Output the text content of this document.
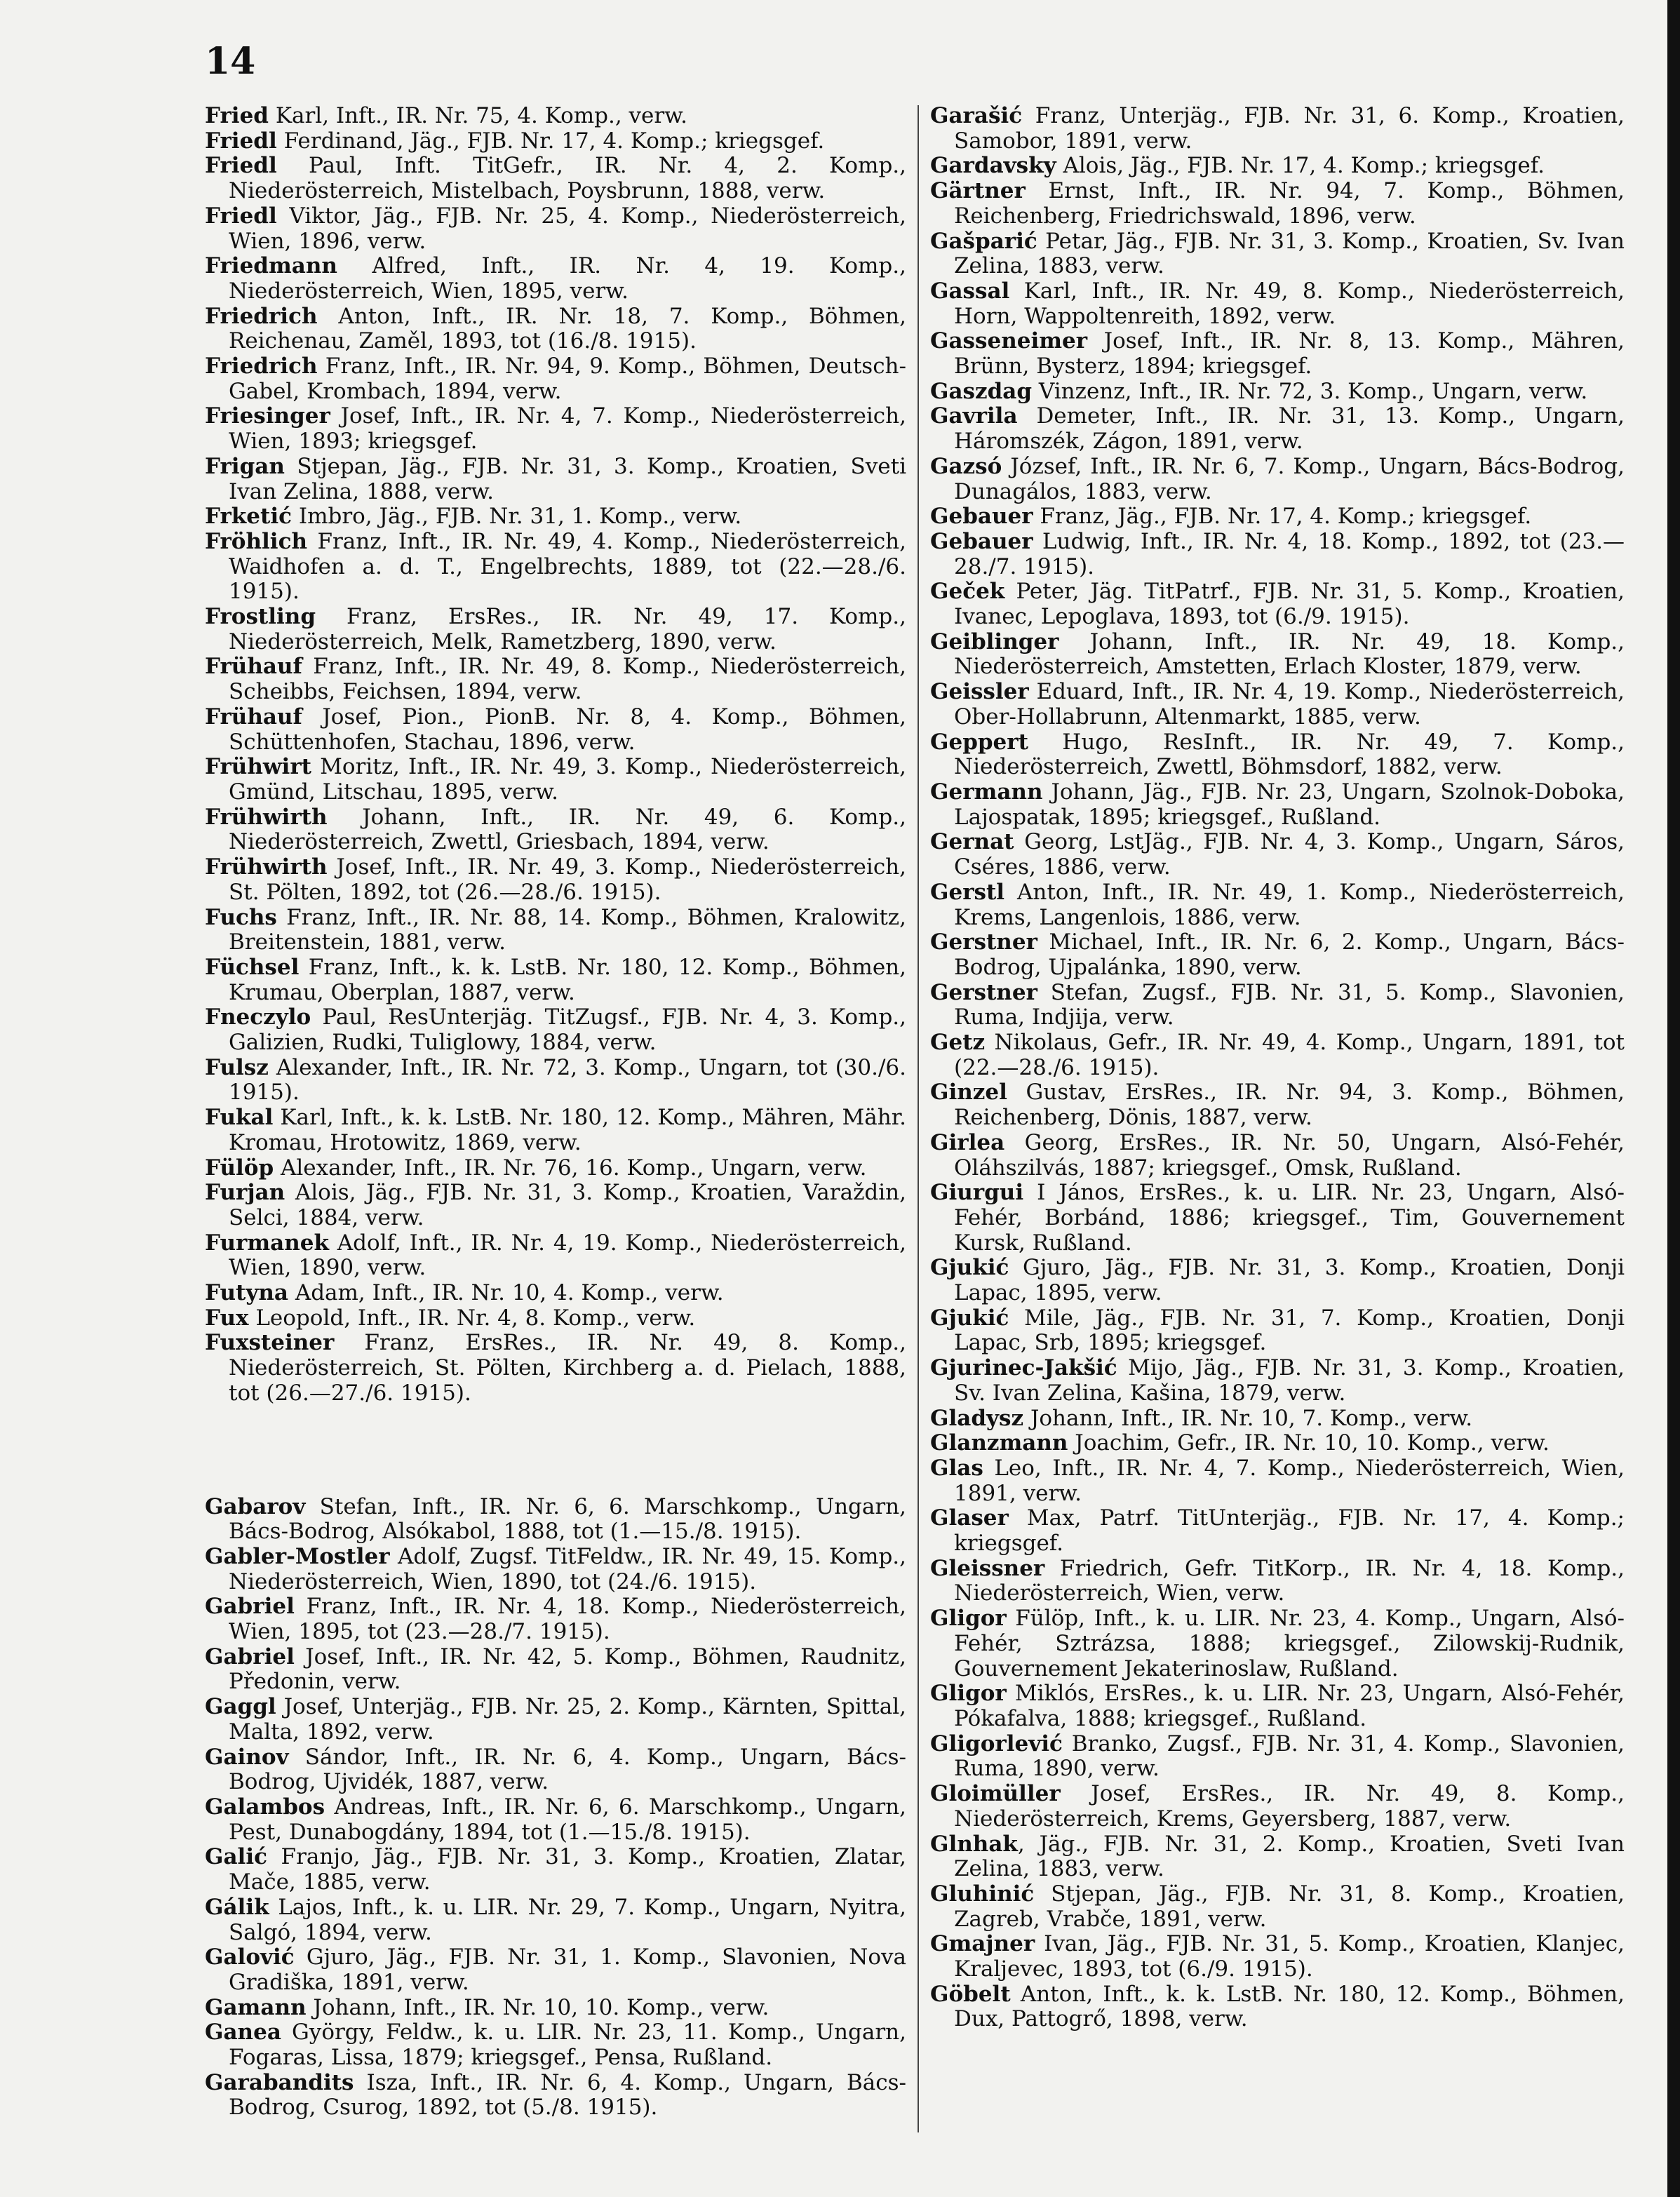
14

Fried Karl, Inft., IR. Nr. 75, 4. Komp., verw.

Friedl Ferdinand, Jäg., FJB. Nr. 17, 4. Komp.; kriegsgef.

Friedl Paul, Inft. TitGefr., IR. Nr. 4, 2. Komp., Niederösterreich, Mistelbach, Poysbrunn, 1888, verw.

Friedl Viktor, Jäg., FJB. Nr. 25, 4. Komp., Niederösterreich, Wien, 1896, verw.

Friedmann Alfred, Inft., IR. Nr. 4, 19. Komp., Niederösterreich, Wien, 1895, verw.

Friedrich Anton, Inft., IR. Nr. 18, 7. Komp., Böhmen, Reichenau, Zaměl, 1893, tot (16./8. 1915).

Friedrich Franz, Inft., IR. Nr. 94, 9. Komp., Böhmen, Deutsch-Gabel, Krombach, 1894, verw.

Friesinger Josef, Inft., IR. Nr. 4, 7. Komp., Niederösterreich, Wien, 1893; kriegsgef.

Frigan Stjepan, Jäg., FJB. Nr. 31, 3. Komp., Kroatien, Sveti Ivan Zelina, 1888, verw.

Frketić Imbro, Jäg., FJB. Nr. 31, 1. Komp., verw.

Fröhlich Franz, Inft., IR. Nr. 49, 4. Komp., Niederösterreich, Waidhofen a. d. T., Engelbrechts, 1889, tot (22.—28./6. 1915).

Frostling Franz, ErsRes., IR. Nr. 49, 17. Komp., Niederösterreich, Melk, Rametzberg, 1890, verw.

Frühauf Franz, Inft., IR. Nr. 49, 8. Komp., Niederösterreich, Scheibbs, Feichsen, 1894, verw.

Frühauf Josef, Pion., PionB. Nr. 8, 4. Komp., Böhmen, Schüttenhofen, Stachau, 1896, verw.

Frühwirt Moritz, Inft., IR. Nr. 49, 3. Komp., Niederösterreich, Gmünd, Litschau, 1895, verw.

Frühwirth Johann, Inft., IR. Nr. 49, 6. Komp., Niederösterreich, Zwettl, Griesbach, 1894, verw.

Frühwirth Josef, Inft., IR. Nr. 49, 3. Komp., Niederösterreich, St. Pölten, 1892, tot (26.—28./6. 1915).

Fuchs Franz, Inft., IR. Nr. 88, 14. Komp., Böhmen, Kralowitz, Breitenstein, 1881, verw.

Füchsel Franz, Inft., k. k. LstB. Nr. 180, 12. Komp., Böhmen, Krumau, Oberplan, 1887, verw.

Fneczylo Paul, ResUnterjäg. TitZugsf., FJB. Nr. 4, 3. Komp., Galizien, Rudki, Tuliglowy, 1884, verw.

Fulsz Alexander, Inft., IR. Nr. 72, 3. Komp., Ungarn, tot (30./6. 1915).

Fukal Karl, Inft., k. k. LstB. Nr. 180, 12. Komp., Mähren, Mähr. Kromau, Hrotowitz, 1869, verw.

Fülöp Alexander, Inft., IR. Nr. 76, 16. Komp., Ungarn, verw.

Furjan Alois, Jäg., FJB. Nr. 31, 3. Komp., Kroatien, Varaždin, Selci, 1884, verw.

Furmanek Adolf, Inft., IR. Nr. 4, 19. Komp., Niederösterreich, Wien, 1890, verw.

Futyna Adam, Inft., IR. Nr. 10, 4. Komp., verw.

Fux Leopold, Inft., IR. Nr. 4, 8. Komp., verw.

Fuxsteiner Franz, ErsRes., IR. Nr. 49, 8. Komp., Niederösterreich, St. Pölten, Kirchberg a. d. Pielach, 1888, tot (26.—27./6. 1915).

Gabarov Stefan, Inft., IR. Nr. 6, 6. Marschkomp., Ungarn, Bács-Bodrog, Alsókabol, 1888, tot (1.—15./8. 1915).

Gabler-Mostler Adolf, Zugsf. TitFeldw., IR. Nr. 49, 15. Komp., Niederösterreich, Wien, 1890, tot (24./6. 1915).

Gabriel Franz, Inft., IR. Nr. 4, 18. Komp., Niederösterreich, Wien, 1895, tot (23.—28./7. 1915).

Gabriel Josef, Inft., IR. Nr. 42, 5. Komp., Böhmen, Raudnitz, Předonin, verw.

Gaggl Josef, Unterjäg., FJB. Nr. 25, 2. Komp., Kärnten, Spittal, Malta, 1892, verw.

Gainov Sándor, Inft., IR. Nr. 6, 4. Komp., Ungarn, Bács-Bodrog, Ujvidék, 1887, verw.

Galambos Andreas, Inft., IR. Nr. 6, 6. Marschkomp., Ungarn, Pest, Dunabogdány, 1894, tot (1.—15./8. 1915).

Galić Franjo, Jäg., FJB. Nr. 31, 3. Komp., Kroatien, Zlatar, Mače, 1885, verw.

Gálik Lajos, Inft., k. u. LIR. Nr. 29, 7. Komp., Ungarn, Nyitra, Salgó, 1894, verw.

Galović Gjuro, Jäg., FJB. Nr. 31, 1. Komp., Slavonien, Nova Gradiška, 1891, verw.

Gamann Johann, Inft., IR. Nr. 10, 10. Komp., verw.

Ganea György, Feldw., k. u. LIR. Nr. 23, 11. Komp., Ungarn, Fogaras, Lissa, 1879; kriegsgef., Pensa, Rußland.

Garabandits Isza, Inft., IR. Nr. 6, 4. Komp., Ungarn, Bács-Bodrog, Csurog, 1892, tot (5./8. 1915).

Garašić Franz, Unterjäg., FJB. Nr. 31, 6. Komp., Kroatien, Samobor, 1891, verw.

Gardavsky Alois, Jäg., FJB. Nr. 17, 4. Komp.; kriegsgef.

Gärtner Ernst, Inft., IR. Nr. 94, 7. Komp., Böhmen, Reichenberg, Friedrichswald, 1896, verw.

Gašparić Petar, Jäg., FJB. Nr. 31, 3. Komp., Kroatien, Sv. Ivan Zelina, 1883, verw.

Gassal Karl, Inft., IR. Nr. 49, 8. Komp., Niederösterreich, Horn, Wappoltenreith, 1892, verw.

Gasseneimer Josef, Inft., IR. Nr. 8, 13. Komp., Mähren, Brünn, Bysterz, 1894; kriegsgef.

Gaszdag Vinzenz, Inft., IR. Nr. 72, 3. Komp., Ungarn, verw.

Gavrila Demeter, Inft., IR. Nr. 31, 13. Komp., Ungarn, Háromszék, Zágon, 1891, verw.

Gazsó József, Inft., IR. Nr. 6, 7. Komp., Ungarn, Bács-Bodrog, Dunagálos, 1883, verw.

Gebauer Franz, Jäg., FJB. Nr. 17, 4. Komp.; kriegsgef.

Gebauer Ludwig, Inft., IR. Nr. 4, 18. Komp., 1892, tot (23.—28./7. 1915).

Geček Peter, Jäg. TitPatrf., FJB. Nr. 31, 5. Komp., Kroatien, Ivanec, Lepoglava, 1893, tot (6./9. 1915).

Geiblinger Johann, Inft., IR. Nr. 49, 18. Komp., Niederösterreich, Amstetten, Erlach Kloster, 1879, verw.

Geissler Eduard, Inft., IR. Nr. 4, 19. Komp., Niederösterreich, Ober-Hollabrunn, Altenmarkt, 1885, verw.

Geppert Hugo, ResInft., IR. Nr. 49, 7. Komp., Niederösterreich, Zwettl, Böhmsdorf, 1882, verw.

Germann Johann, Jäg., FJB. Nr. 23, Ungarn, Szolnok-Doboka, Lajospatak, 1895; kriegsgef., Rußland.

Gernat Georg, LstJäg., FJB. Nr. 4, 3. Komp., Ungarn, Sáros, Cséres, 1886, verw.

Gerstl Anton, Inft., IR. Nr. 49, 1. Komp., Niederösterreich, Krems, Langenlois, 1886, verw.

Gerstner Michael, Inft., IR. Nr. 6, 2. Komp., Ungarn, Bács-Bodrog, Ujpalánka, 1890, verw.

Gerstner Stefan, Zugsf., FJB. Nr. 31, 5. Komp., Slavonien, Ruma, Indjija, verw.

Getz Nikolaus, Gefr., IR. Nr. 49, 4. Komp., Ungarn, 1891, tot (22.—28./6. 1915).

Ginzel Gustav, ErsRes., IR. Nr. 94, 3. Komp., Böhmen, Reichenberg, Dönis, 1887, verw.

Girlea Georg, ErsRes., IR. Nr. 50, Ungarn, Alsó-Fehér, Oláhszilvás, 1887; kriegsgef., Omsk, Rußland.

Giurgui I János, ErsRes., k. u. LIR. Nr. 23, Ungarn, Alsó-Fehér, Borbánd, 1886; kriegsgef., Tim, Gouvernement Kursk, Rußland.

Gjukić Gjuro, Jäg., FJB. Nr. 31, 3. Komp., Kroatien, Donji Lapac, 1895, verw.

Gjukić Mile, Jäg., FJB. Nr. 31, 7. Komp., Kroatien, Donji Lapac, Srb, 1895; kriegsgef.

Gjurinec-Jakšić Mijo, Jäg., FJB. Nr. 31, 3. Komp., Kroatien, Sv. Ivan Zelina, Kašina, 1879, verw.

Gladysz Johann, Inft., IR. Nr. 10, 7. Komp., verw.

Glanzmann Joachim, Gefr., IR. Nr. 10, 10. Komp., verw.

Glas Leo, Inft., IR. Nr. 4, 7. Komp., Niederösterreich, Wien, 1891, verw.

Glaser Max, Patrf. TitUnterjäg., FJB. Nr. 17, 4. Komp.; kriegsgef.

Gleissner Friedrich, Gefr. TitKorp., IR. Nr. 4, 18. Komp., Niederösterreich, Wien, verw.

Gligor Fülöp, Inft., k. u. LIR. Nr. 23, 4. Komp., Ungarn, Alsó-Fehér, Sztrázsa, 1888; kriegsgef., Zilowskij-Rudnik, Gouvernement Jekaterinoslaw, Rußland.

Gligor Miklós, ErsRes., k. u. LIR. Nr. 23, Ungarn, Alsó-Fehér, Pókafalva, 1888; kriegsgef., Rußland.

Gligorlević Branko, Zugsf., FJB. Nr. 31, 4. Komp., Slavonien, Ruma, 1890, verw.

Gloimüller Josef, ErsRes., IR. Nr. 49, 8. Komp., Niederösterreich, Krems, Geyersberg, 1887, verw.

Glnhak, Jäg., FJB. Nr. 31, 2. Komp., Kroatien, Sveti Ivan Zelina, 1883, verw.

Gluhinić Stjepan, Jäg., FJB. Nr. 31, 8. Komp., Kroatien, Zagreb, Vrabče, 1891, verw.

Gmajner Ivan, Jäg., FJB. Nr. 31, 5. Komp., Kroatien, Klanjec, Kraljevec, 1893, tot (6./9. 1915).

Göbelt Anton, Inft., k. k. LstB. Nr. 180, 12. Komp., Böhmen, Dux, Pattogrő, 1898, verw.
